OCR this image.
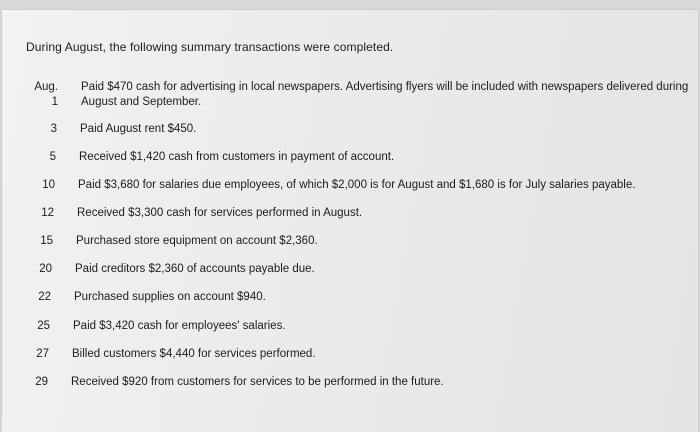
During August, the following summary transactions were completed.
Aug.
1
Paid $470 cash for advertising in local newspapers. Advertising flyers will be included with newspapers delivered during
August and September.
3 Paid August rent $450.
5 Received $1,420 cash from customers in payment of account.
10 Paid $3,680 for salaries due employees, of which $2,000 is for August and $1,680 is for July salaries payable.
12 Received $3,300 cash for services performed in August.
15 Purchased store equipment on account $2,360.
20 Paid creditors $2,360 of accounts payable due.
22 Purchased supplies on account $940.
25 Paid $3,420 cash for employees' salaries.
27 Billed customers $4,440 for services performed.
29 Received $920 from customers for services to be performed in the future.
